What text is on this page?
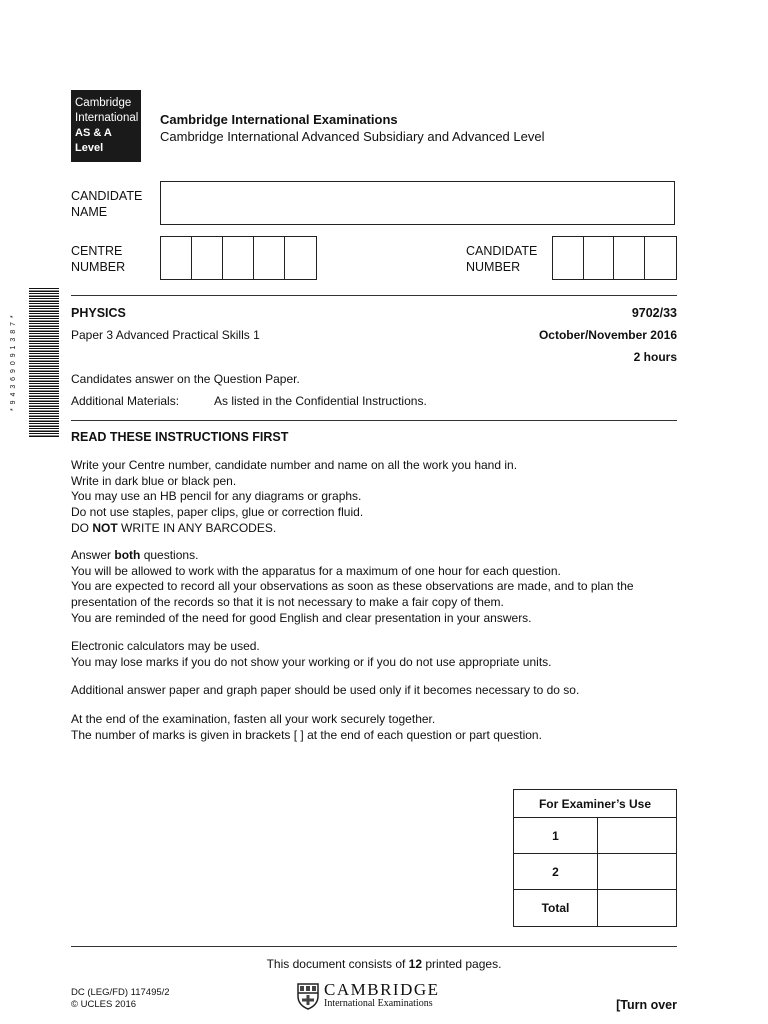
Cambridge
International
AS & A Level
Cambridge International Examinations
Cambridge International Advanced Subsidiary and Advanced Level
CANDIDATE
NAME
CENTRE
NUMBER
CANDIDATE
NUMBER
* 9 4 3 6 9 0 9 1 3 8 7 *
PHYSICS	9702/33
Paper 3 Advanced Practical Skills 1	October/November 2016
2 hours
Candidates answer on the Question Paper.
Additional Materials:	As listed in the Confidential Instructions.
READ THESE INSTRUCTIONS FIRST

Write your Centre number, candidate number and name on all the work you hand in.

Write in dark blue or black pen.

You may use an HB pencil for any diagrams or graphs.

Do not use staples, paper clips, glue or correction fluid.

DO NOT WRITE IN ANY BARCODES.

Answer both questions.

You will be allowed to work with the apparatus for a maximum of one hour for each question.

You are expected to record all your observations as soon as these observations are made, and to plan the

presentation of the records so that it is not necessary to make a fair copy of them.

You are reminded of the need for good English and clear presentation in your answers.

Electronic calculators may be used.

You may lose marks if you do not show your working or if you do not use appropriate units.

Additional answer paper and graph paper should be used only if it becomes necessary to do so.

At the end of the examination, fasten all your work securely together.

The number of marks is given in brackets [ ] at the end of each question or part question.

For Examiner’s Use	
1	
2	
Total	
This document consists of 12 printed pages.
DC (LEG/FD) 117495/2
© UCLES 2016
CAMBRIDGE
International Examinations	[Turn over
